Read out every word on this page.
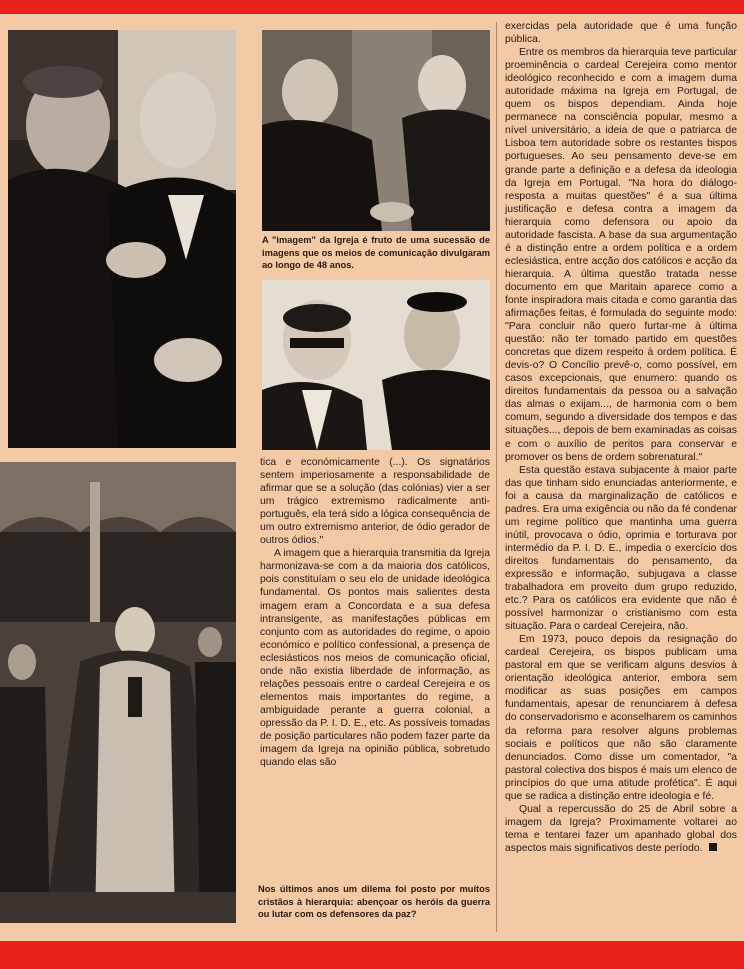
A "imagem" da Igreja é fruto de uma sucessão de imagens que os meios de comunicação divulgaram ao longo de 48 anos.
Nos últimos anos um dilema foi posto por muitos cristãos à hierarquia: abençoar os heróis da guerra ou lutar com os defensores da paz?

tica e económicamente (...). Os signatários sentem imperiosamente a responsabilidade de afirmar que se a solução (das colónias) vier a ser um trágico extremismo radicalmente anti-português, ela terá sido a lógica consequência de um outro extremismo anterior, de ódio gerador de outros ódios."

A imagem que a hierarquia transmitia da Igreja harmonizava-se com a da maioria dos católicos, pois constituíam o seu elo de unidade ideológica fundamental. Os pontos mais salientes desta imagem eram a Concordata e a sua defesa intransigente, as manifestações públicas em conjunto com as autoridades do regime, o apoio económico e político confessional, a presença de eclesiásticos nos meios de comunicação oficial, onde não existia liberdade de informação, as relações pessoais entre o cardeal Cerejeira e os elementos mais importantes do regime, a ambiguidade perante a guerra colonial, a opressão da P. I. D. E., etc. As possíveis tomadas de posição particulares não podem fazer parte da imagem da Igreja na opinião pública, sobretudo quando elas são

exercidas pela autoridade que é uma função pública.

Entre os membros da hierarquia teve particular proeminência o cardeal Cerejeira como mentor ideológico reconhecido e com a imagem duma autoridade máxima na Igreja em Portugal, de quem os bispos dependiam. Ainda hoje permanece na consciência popular, mesmo a nível universitário, a ideia de que o patriarca de Lisboa tem autoridade sobre os restantes bispos portugueses. Ao seu pensamento deve-se em grande parte a definição e a defesa da ideologia da Igreja em Portugal. "Na hora do diálogo-resposta a muitas questões" é a sua última justificação e defesa contra a imagem da hierarquia como defensora ou apoio da autoridade fascista. A base da sua argumentação é a distinção entre a ordem política e a ordem eclesiástica, entre acção dos católicos e acção da hierarquia. A última questão tratada nesse documento em que Maritain aparece como a fonte inspiradora mais citada e como garantia das afirmações feitas, é formulada do seguinte modo: "Para concluir não quero furtar-me à última questão: não ter tomado partido em questões concretas que dizem respeito à ordem política. É devis-o? O Concílio prevê-o, como possível, em casos excepcionais, que enumero: quando os direitos fundamentais da pessoa ou a salvação das almas o exijam..., de harmonia com o bem comum, segundo a diversidade dos tempos e das situações..., depois de bem examinadas as coisas e com o auxílio de peritos para conservar e promover os bens de ordem sobrenatural."

Esta questão estava subjacente à maior parte das que tinham sido enunciadas anteriormente, e foi a causa da marginalização de católicos e padres. Era uma exigência ou não da fé condenar um regime político que mantinha uma guerra inútil, provocava o ódio, oprimia e torturava por intermédio da P. I. D. E., impedia o exercício dos direitos fundamentais do pensamento, da expressão e informação, subjugava a classe trabalhadora em proveito dum grupo reduzido, etc.? Para os católicos era evidente que não é possível harmonizar o cristianismo com esta situação. Para o cardeal Cerejeira, não.

Em 1973, pouco depois da resignação do cardeal Cerejeira, os bispos publicam uma pastoral em que se verificam alguns desvios à orientação ideológica anterior, embora sem modificar as suas posições em campos fundamentais, apesar de renunciarem à defesa do conservadorismo e aconselharem os caminhos da reforma para resolver alguns problemas sociais e políticos que não são claramente denunciados. Como disse um comentador, "a pastoral colectiva dos bispos é mais um elenco de princípios do que uma atitude profética". É aqui que se radica a distinção entre ideologia e fé.

Qual a repercussão do 25 de Abril sobre a imagem da Igreja? Proximamente voltarei ao tema e tentarei fazer um apanhado global dos aspectos mais significativos deste período.
